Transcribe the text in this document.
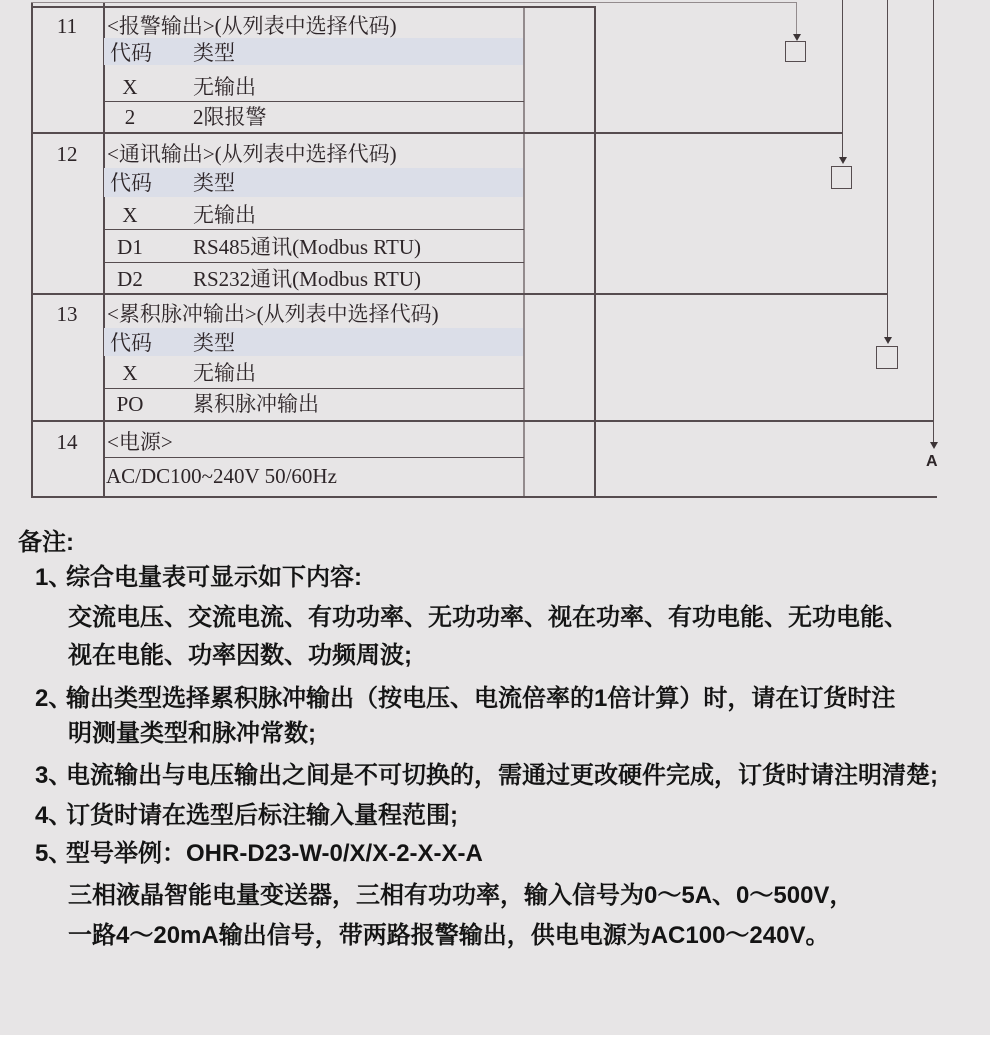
11	<报警输出>(从列表中选择代码)
代码 类型
X	无输出
2	2限报警
12	<通讯输出>(从列表中选择代码)
代码 类型
X	无输出
D1	RS485通讯(Modbus RTU)
D2	RS232通讯(Modbus RTU)
13	<累积脉冲输出>(从列表中选择代码)
代码 类型
X	无输出
PO	累积脉冲输出
14	<电源>
AC/DC100~240V 50/60Hz
A
备注:
1、综合电量表可显示如下内容:
交流电压、交流电流、有功功率、无功功率、视在功率、有功电能、无功电能、
视在电能、功率因数、功频周波;
2、输出类型选择累积脉冲输出（按电压、电流倍率的1倍计算）时，请在订货时注
明测量类型和脉冲常数;
3、电流输出与电压输出之间是不可切换的，需通过更改硬件完成，订货时请注明清楚;
4、订货时请在选型后标注输入量程范围;
5、型号举例：OHR-D23-W-0/X/X-2-X-X-A
三相液晶智能电量变送器，三相有功功率，输入信号为0～5A、0～500V，
一路4～20mA输出信号，带两路报警输出，供电电源为AC100～240V。
